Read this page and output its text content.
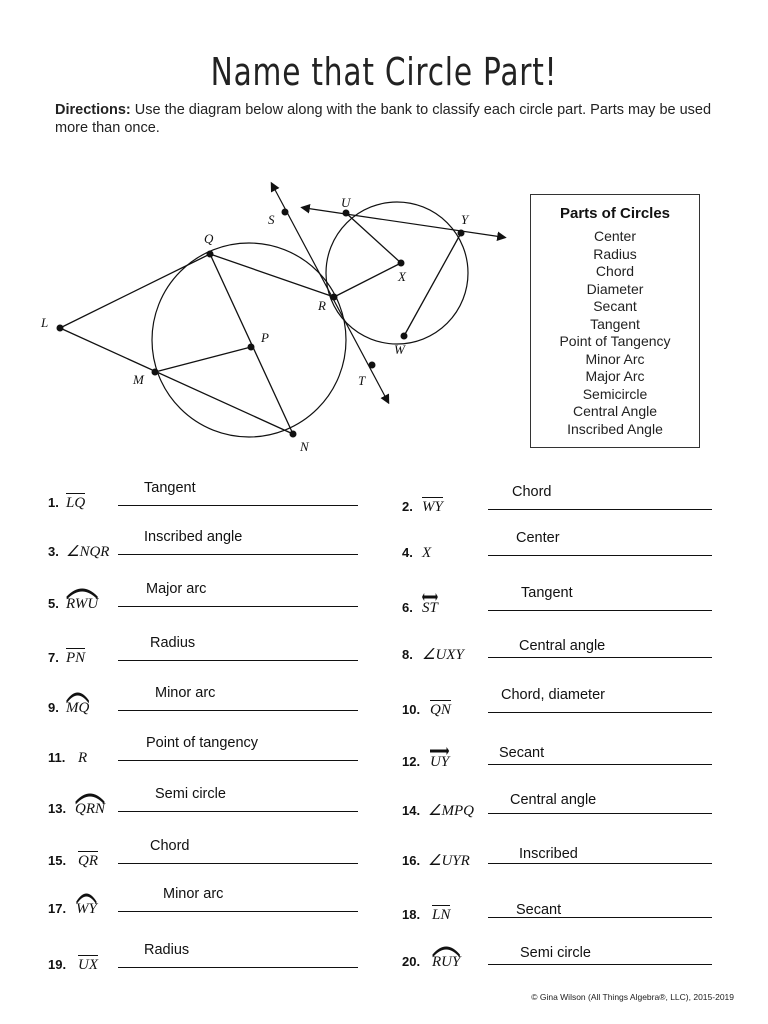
Name that Circle Part!
Directions: Use the diagram below along with the bank to classify each circle part. Parts may be used more than once.
S
U
Y
Q
X
R
L
P
W
M	T
N
Parts of Circles
Center
Radius
Chord
Diameter
Secant
Tangent
Point of Tangency
Minor Arc
Major Arc
Semicircle
Central Angle
Inscribed Angle
1. LQ
Tangent
3. ∠NQR
Inscribed angle
5. RWU
Major arc
7. PN
Radius
9. MQ
Minor arc
11. R
Point of tangency
13. QRN
Semi circle
15. QR
Chord
17. WY
Minor arc
19. UX
Radius
2. WY
Chord
4. X
Center
6. ST
Tangent
8. ∠UXY
Central angle
10. QN
Chord, diameter
12. UY
Secant
14. ∠MPQ
Central angle
16. ∠UYR	Inscribed
18. LN	Secant
20. RUY
Semi circle
© Gina Wilson (All Things Algebra®, LLC), 2015-2019
